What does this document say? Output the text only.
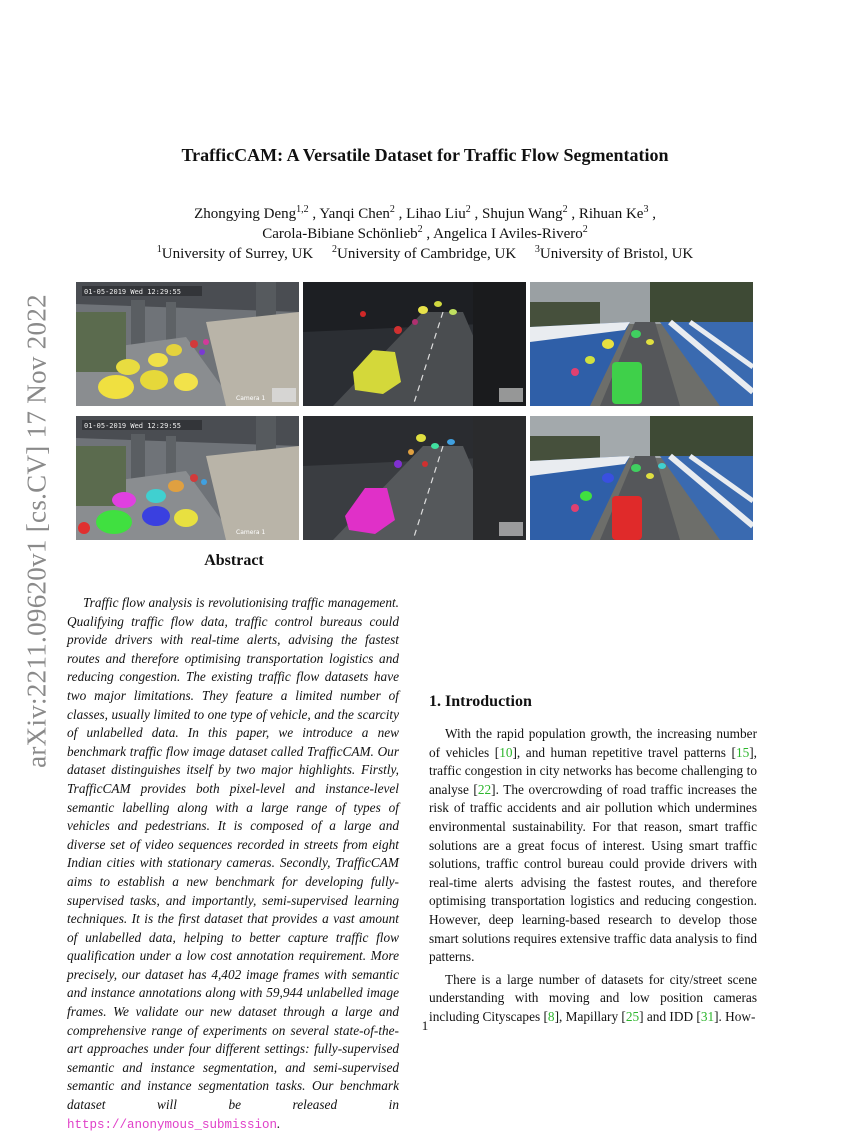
arXiv:2211.09620v1 [cs.CV] 17 Nov 2022
TrafficCAM: A Versatile Dataset for Traffic Flow Segmentation
Zhongying Deng$^{1,2}$ , Yanqi Chen$^2$ , Lihao Liu$^2$ , Shujun Wang$^2$ , Rihuan Ke$^3$ ,
Carola-Bibiane Schönlieb$^2$ , Angelica I Aviles-Rivero$^2$
$^1$University of Surrey, UK $^2$University of Cambridge, UK $^3$University of Bristol, UK
01-05-2019 Wed 12:29:55
Camera 1
01-05-2019 Wed 12:29:55
Camera 1
Abstract

Traffic flow analysis is revolutionising traffic management. Qualifying traffic flow data, traffic control bureaus could provide drivers with real-time alerts, advising the fastest routes and therefore optimising transportation logistics and reducing congestion. The existing traffic flow datasets have two major limitations. They feature a limited number of classes, usually limited to one type of vehicle, and the scarcity of unlabelled data. In this paper, we introduce a new benchmark traffic flow image dataset called TrafficCAM. Our dataset distinguishes itself by two major highlights. Firstly, TrafficCAM provides both pixel-level and instance-level semantic labelling along with a large range of types of vehicles and pedestrians. It is composed of a large and diverse set of video sequences recorded in streets from eight Indian cities with stationary cameras. Secondly, TrafficCAM aims to establish a new benchmark for developing fully-supervised tasks, and importantly, semi-supervised learning techniques. It is the first dataset that provides a vast amount of unlabelled data, helping to better capture traffic flow qualification under a low cost annotation requirement. More precisely, our dataset has 4,402 image frames with semantic and instance annotations along with 59,944 unlabelled image frames. We validate our new dataset through a large and comprehensive range of experiments on several state-of-the-art approaches under four different settings: fully-supervised semantic and instance segmentation, and semi-supervised semantic and instance segmentation tasks. Our benchmark dataset will be released in https://anonymous_submission.

1. Introduction

With the rapid population growth, the increasing number of vehicles [10], and human repetitive travel patterns [15], traffic congestion in city networks has become challenging to analyse [22]. The overcrowding of road traffic increases the risk of traffic accidents and air pollution which undermines environmental sustainability. For that reason, smart traffic solutions are a great focus of interest. Using smart traffic solutions, traffic control bureau could provide drivers with real-time alerts advising the fastest routes, and therefore optimising transportation logistics and reducing congestion. However, deep learning-based research to develop those smart solutions requires extensive traffic data analysis to find patterns.

There is a large number of datasets for city/street scene understanding with moving and low position cameras including Cityscapes [8], Mapillary [25] and IDD [31]. How-

1
